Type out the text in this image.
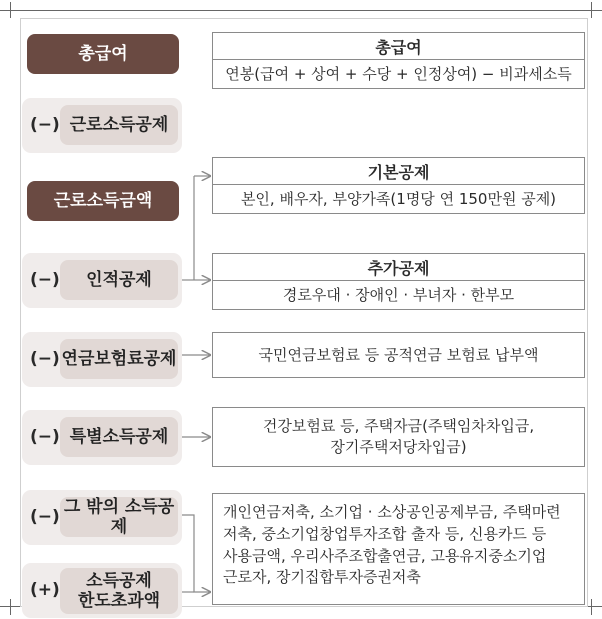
총급여	총급여
연봉(급여 + 상여 + 수당 + 인정상여) − 비과세소득
(−) 근로소득공제
근로소득금액
기본공제
본인, 배우자, 부양가족(1명당 연 150만원 공제)
(−) 인적공제
추가공제
경로우대 · 장애인 · 부녀자 · 한부모
(−) 연금보험료공제	국민연금보험료 등 공적연금 보험료 납부액
(−) 특별소득공제
건강보험료 등, 주택자금(주택임차차입금,
장기주택저당차입금)
(−)
그 밖의 소득공제
(+) 소득공제
한도초과액
개인연금저축, 소기업 · 소상공인공제부금, 주택마련
저축, 중소기업창업투자조합 출자 등, 신용카드 등
사용금액, 우리사주조합출연금, 고용유지중소기업
근로자, 장기집합투자증권저축
